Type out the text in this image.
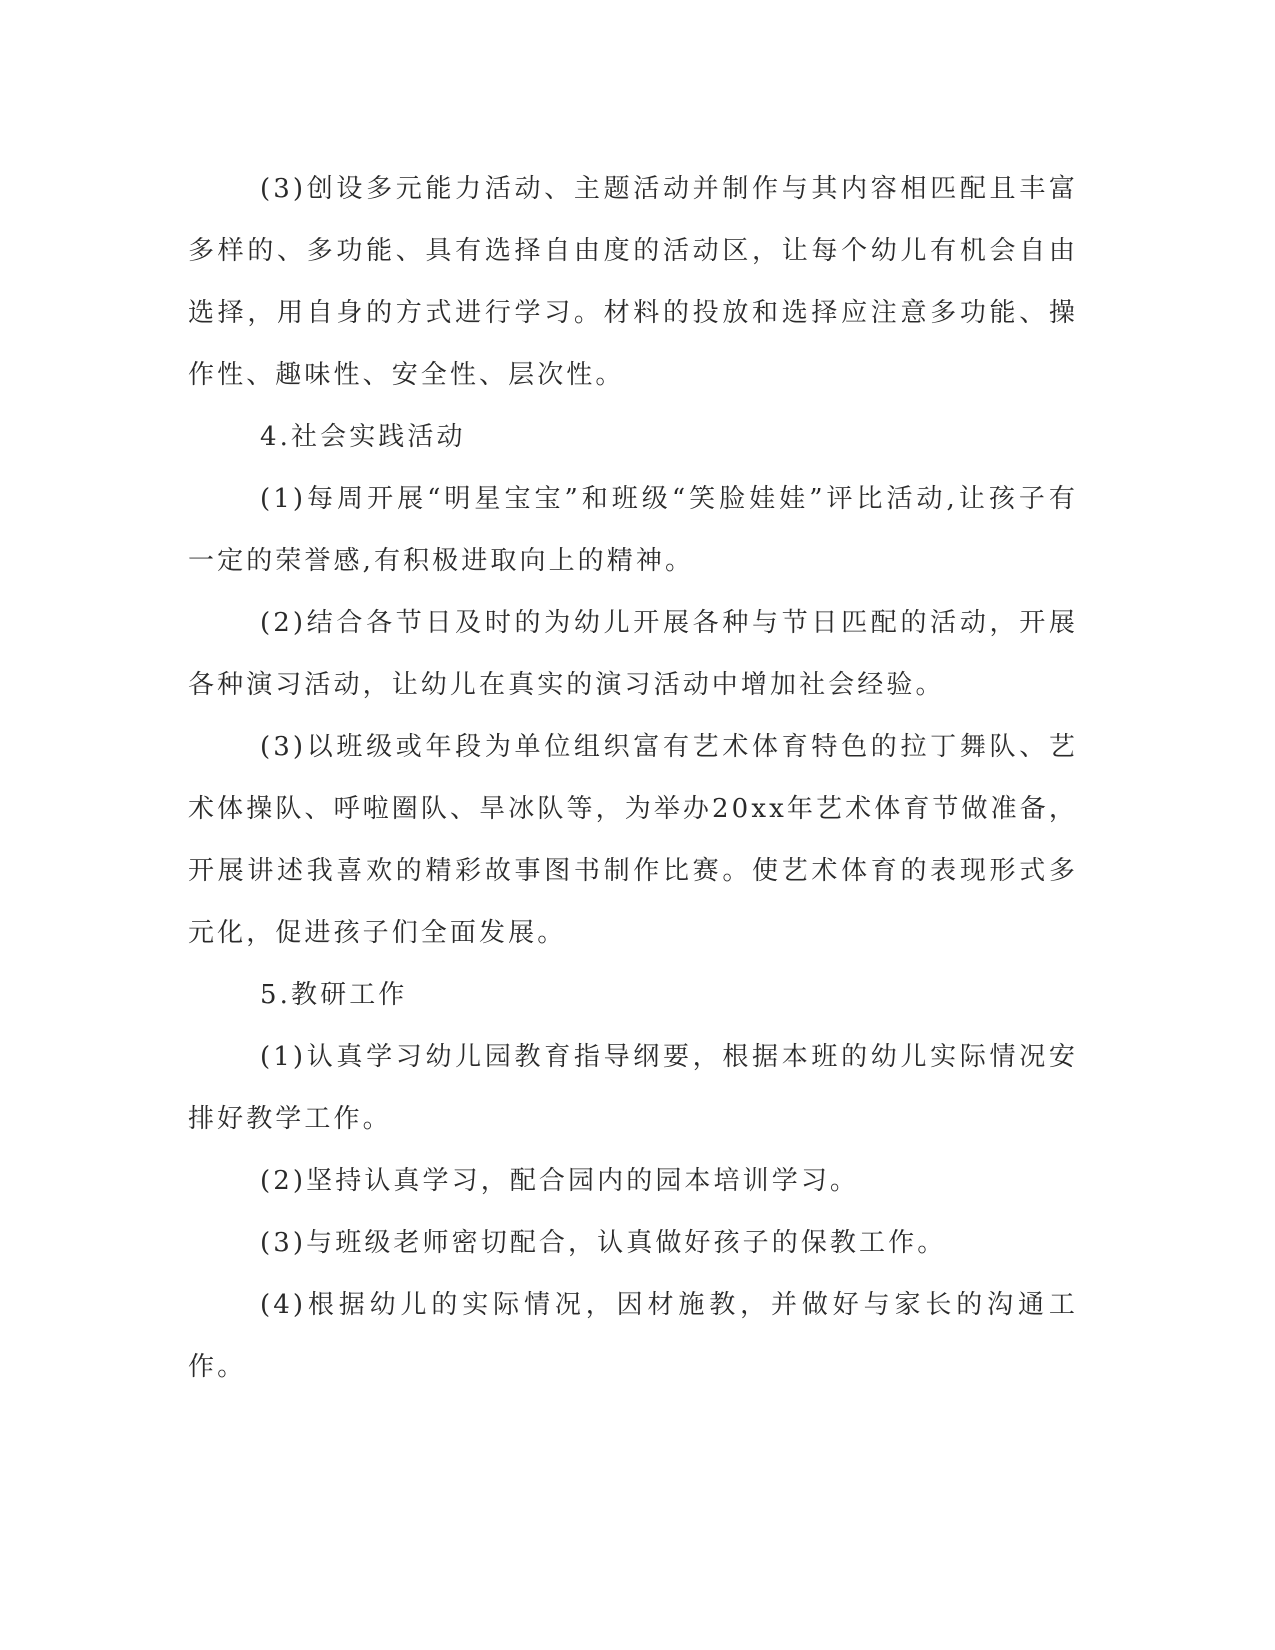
(3)创设多元能力活动、主题活动并制作与其内容相匹配且丰富多样的、多功能、具有选择自由度的活动区，让每个幼儿有机会自由选择，用自身的方式进行学习。材料的投放和选择应注意多功能、操作性、趣味性、安全性、层次性。

4.社会实践活动

(1)每周开展“明星宝宝”和班级“笑脸娃娃”评比活动,让孩子有一定的荣誉感,有积极进取向上的精神。

(2)结合各节日及时的为幼儿开展各种与节日匹配的活动，开展各种演习活动，让幼儿在真实的演习活动中增加社会经验。

(3)以班级或年段为单位组织富有艺术体育特色的拉丁舞队、艺术体操队、呼啦圈队、旱冰队等，为举办20xx年艺术体育节做准备，开展讲述我喜欢的精彩故事图书制作比赛。使艺术体育的表现形式多元化，促进孩子们全面发展。

5.教研工作

(1)认真学习幼儿园教育指导纲要，根据本班的幼儿实际情况安排好教学工作。

(2)坚持认真学习，配合园内的园本培训学习。

(3)与班级老师密切配合，认真做好孩子的保教工作。

(4)根据幼儿的实际情况，因材施教，并做好与家长的沟通工作。
